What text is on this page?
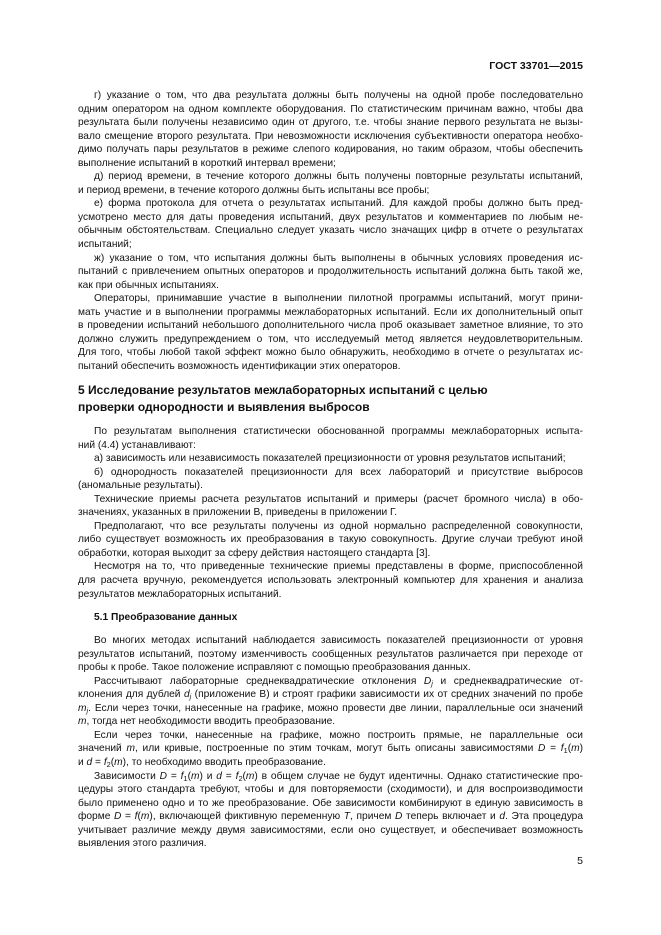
ГОСТ 33701—2015
г) указание о том, что два результата должны быть получены на одной пробе последовательно
одним оператором на одном комплекте оборудования. По статистическим причинам важно, чтобы два
результата были получены независимо один от другого, т.е. чтобы знание первого результата не вызы-
вало смещение второго результата. При невозможности исключения субъективности оператора необхо-
димо получать пары результатов в режиме слепого кодирования, но таким образом, чтобы обеспечить
выполнение испытаний в короткий интервал времени;
д) период времени, в течение которого должны быть получены повторные результаты испытаний,
и период времени, в течение которого должны быть испытаны все пробы;
е) форма протокола для отчета о результатах испытаний. Для каждой пробы должно быть пред-
усмотрено место для даты проведения испытаний, двух результатов и комментариев по любым не-
обычным обстоятельствам. Специально следует указать число значащих цифр в отчете о результатах
испытаний;
ж) указание о том, что испытания должны быть выполнены в обычных условиях проведения ис-
пытаний с привлечением опытных операторов и продолжительность испытаний должна быть такой же,
как при обычных испытаниях.
Операторы, принимавшие участие в выполнении пилотной программы испытаний, могут прини-
мать участие и в выполнении программы межлабораторных испытаний. Если их дополнительный опыт
в проведении испытаний небольшого дополнительного числа проб оказывает заметное влияние, то это
должно служить предупреждением о том, что исследуемый метод является неудовлетворительным.
Для того, чтобы любой такой эффект можно было обнаружить, необходимо в отчете о результатах ис-
пытаний обеспечить возможность идентификации этих операторов.
5 Исследование результатов межлабораторных испытаний с целью
проверки однородности и выявления выбросов
По результатам выполнения статистически обоснованной программы межлабораторных испыта-
ний (4.4) устанавливают:
а) зависимость или независимость показателей прецизионности от уровня результатов испытаний;
б) однородность показателей прецизионности для всех лабораторий и присутствие выбросов
(аномальные результаты).
Технические приемы расчета результатов испытаний и примеры (расчет бромного числа) в обо-
значениях, указанных в приложении В, приведены в приложении Г.
Предполагают, что все результаты получены из одной нормально распределенной совокупности,
либо существует возможность их преобразования в такую совокупность. Другие случаи требуют иной
обработки, которая выходит за сферу действия настоящего стандарта [3].
Несмотря на то, что приведенные технические приемы представлены в форме, приспособленной
для расчета вручную, рекомендуется использовать электронный компьютер для хранения и анализа
результатов межлабораторных испытаний.
5.1 Преобразование данных
Во многих методах испытаний наблюдается зависимость показателей прецизионности от уровня
результатов испытаний, поэтому изменчивость сообщенных результатов различается при переходе от
пробы к пробе. Такое положение исправляют с помощью преобразования данных.
Рассчитывают лабораторные среднеквадратические отклонения $D_j$ и среднеквадратические от-
клонения для дублей $d_j$ (приложение В) и строят графики зависимости их от средних значений по пробе
$m_j$. Если через точки, нанесенные на графике, можно провести две линии, параллельные оси значений
m, тогда нет необходимости вводить преобразование.
Если через точки, нанесенные на графике, можно построить прямые, не параллельные оси
значений m, или кривые, построенные по этим точкам, могут быть описаны зависимостями $D = f_1(m)$
и $d = f_2(m)$, то необходимо вводить преобразование.
Зависимости $D = f_1(m)$ и $d = f_2(m)$ в общем случае не будут идентичны. Однако статистические про-
цедуры этого стандарта требуют, чтобы и для повторяемости (сходимости), и для воспроизводимости
было применено одно и то же преобразование. Обе зависимости комбинируют в единую зависимость в
форме D = f(m), включающей фиктивную переменную T, причем D теперь включает и d. Эта процедура
учитывает различие между двумя зависимостями, если оно существует, и обеспечивает возможность
выявления этого различия.
5
